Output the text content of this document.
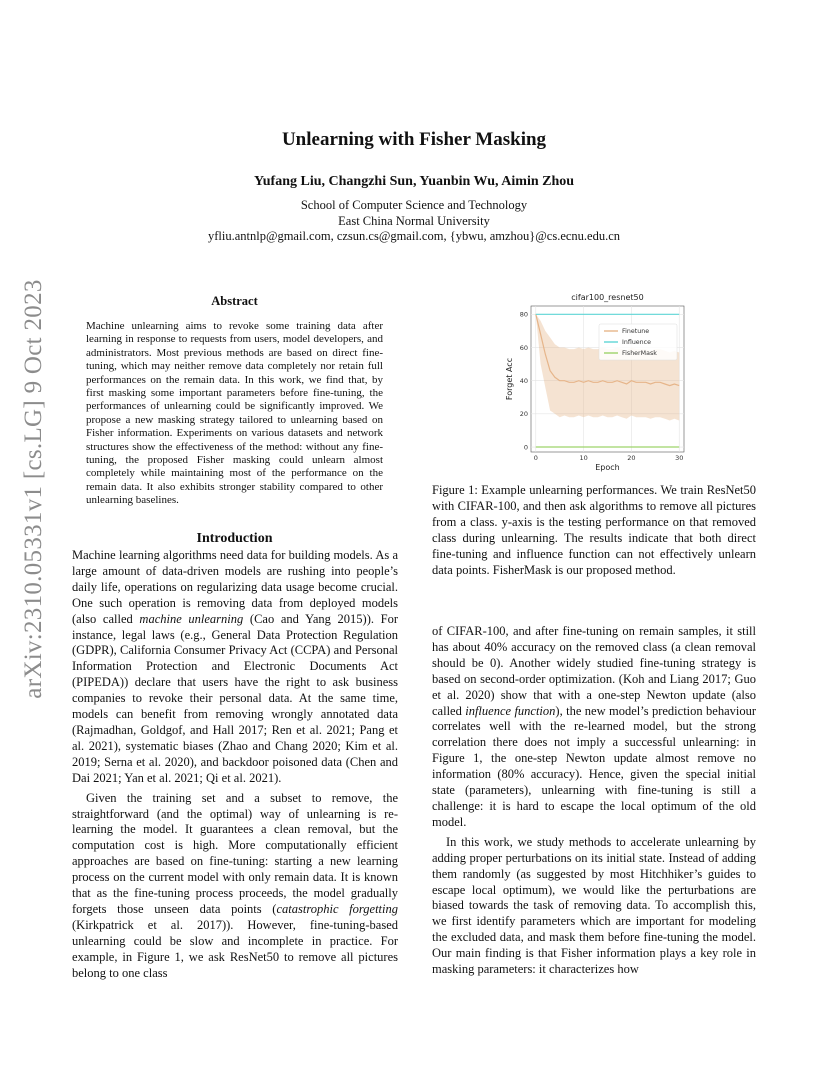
arXiv:2310.05331v1 [cs.LG] 9 Oct 2023
Unlearning with Fisher Masking
Yufang Liu, Changzhi Sun, Yuanbin Wu, Aimin Zhou
School of Computer Science and Technology
East China Normal University
yfliu.antnlp@gmail.com, czsun.cs@gmail.com, {ybwu, amzhou}@cs.ecnu.edu.cn
Abstract

Machine unlearning aims to revoke some training data after learning in response to requests from users, model developers, and administrators. Most previous methods are based on direct fine-tuning, which may neither remove data completely nor retain full performances on the remain data. In this work, we find that, by first masking some important parameters before fine-tuning, the performances of unlearning could be significantly improved. We propose a new masking strategy tailored to unlearning based on Fisher information. Experiments on various datasets and network structures show the effectiveness of the method: without any fine-tuning, the proposed Fisher masking could unlearn almost completely while maintaining most of the performance on the remain data. It also exhibits stronger stability compared to other unlearning baselines.

Introduction

Machine learning algorithms need data for building models. As a large amount of data-driven models are rushing into people’s daily life, operations on regularizing data usage become crucial. One such operation is removing data from deployed models (also called machine unlearning (Cao and Yang 2015)). For instance, legal laws (e.g., General Data Protection Regulation (GDPR), California Consumer Privacy Act (CCPA) and Personal Information Protection and Electronic Documents Act (PIPEDA)) declare that users have the right to ask business companies to revoke their personal data. At the same time, models can benefit from removing wrongly annotated data (Rajmadhan, Goldgof, and Hall 2017; Ren et al. 2021; Pang et al. 2021), systematic biases (Zhao and Chang 2020; Kim et al. 2019; Serna et al. 2020), and backdoor poisoned data (Chen and Dai 2021; Yan et al. 2021; Qi et al. 2021).

Given the training set and a subset to remove, the straightforward (and the optimal) way of unlearning is re-learning the model. It guarantees a clean removal, but the computation cost is high. More computationally efficient approaches are based on fine-tuning: starting a new learning process on the current model with only remain data. It is known that as the fine-tuning process proceeds, the model gradually forgets those unseen data points (catastrophic forgetting (Kirkpatrick et al. 2017)). However, fine-tuning-based unlearning could be slow and incomplete in practice. For example, in Figure 1, we ask ResNet50 to remove all pictures belong to one class

0	10	20	30
0
20
40
60
80
cifar100_resnet50
Epoch
Forget Acc
Finetune
Influence
FisherMask

Figure 1: Example unlearning performances. We train ResNet50 with CIFAR-100, and then ask algorithms to remove all pictures from a class. y-axis is the testing performance on that removed class during unlearning. The results indicate that both direct fine-tuning and influence function can not effectively unlearn data points. FisherMask is our proposed method.

of CIFAR-100, and after fine-tuning on remain samples, it still has about 40% accuracy on the removed class (a clean removal should be 0). Another widely studied fine-tuning strategy is based on second-order optimization. (Koh and Liang 2017; Guo et al. 2020) show that with a one-step Newton update (also called influence function), the new model’s prediction behaviour correlates well with the re-learned model, but the strong correlation there does not imply a successful unlearning: in Figure 1, the one-step Newton update almost remove no information (80% accuracy). Hence, given the special initial state (parameters), unlearning with fine-tuning is still a challenge: it is hard to escape the local optimum of the old model.

In this work, we study methods to accelerate unlearning by adding proper perturbations on its initial state. Instead of adding them randomly (as suggested by most Hitchhiker’s guides to escape local optimum), we would like the perturbations are biased towards the task of removing data. To accomplish this, we first identify parameters which are important for modeling the excluded data, and mask them before fine-tuning the model. Our main finding is that Fisher information plays a key role in masking parameters: it characterizes how
